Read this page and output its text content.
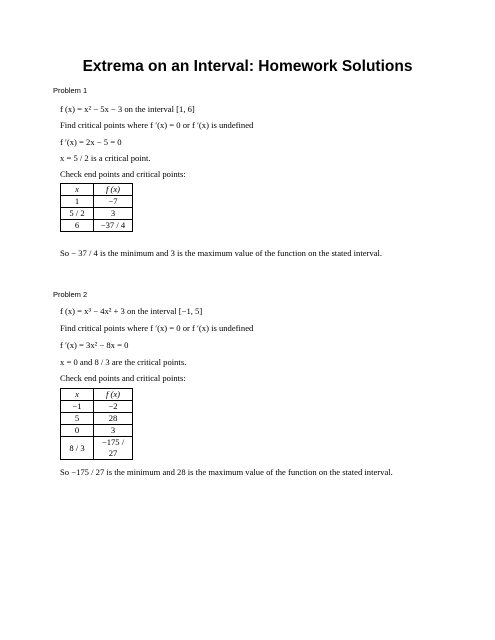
Extrema on an Interval: Homework Solutions
Problem 1
f (x) = x² − 5x − 3 on the interval [1, 6]
Find critical points where f ′(x) = 0 or f ′(x) is undefined
f ′(x) = 2x − 5 = 0
x = 5 / 2 is a critical point.
Check end points and critical points:
x	f (x)
1	−7
5 / 2	3
6	−37 / 4
So − 37 / 4 is the minimum and 3 is the maximum value of the function on the stated interval.
Problem 2
f (x) = x³ − 4x² + 3 on the interval [−1, 5]
Find critical points where f ′(x) = 0 or f ′(x) is undefined
f ′(x) = 3x² − 8x = 0
x = 0 and 8 / 3 are the critical points.
Check end points and critical points:
x	f (x)
−1	−2
5	28
0	3
8 / 3	−175 / 27
So −175 / 27 is the minimum and 28 is the maximum value of the function on the stated interval.
